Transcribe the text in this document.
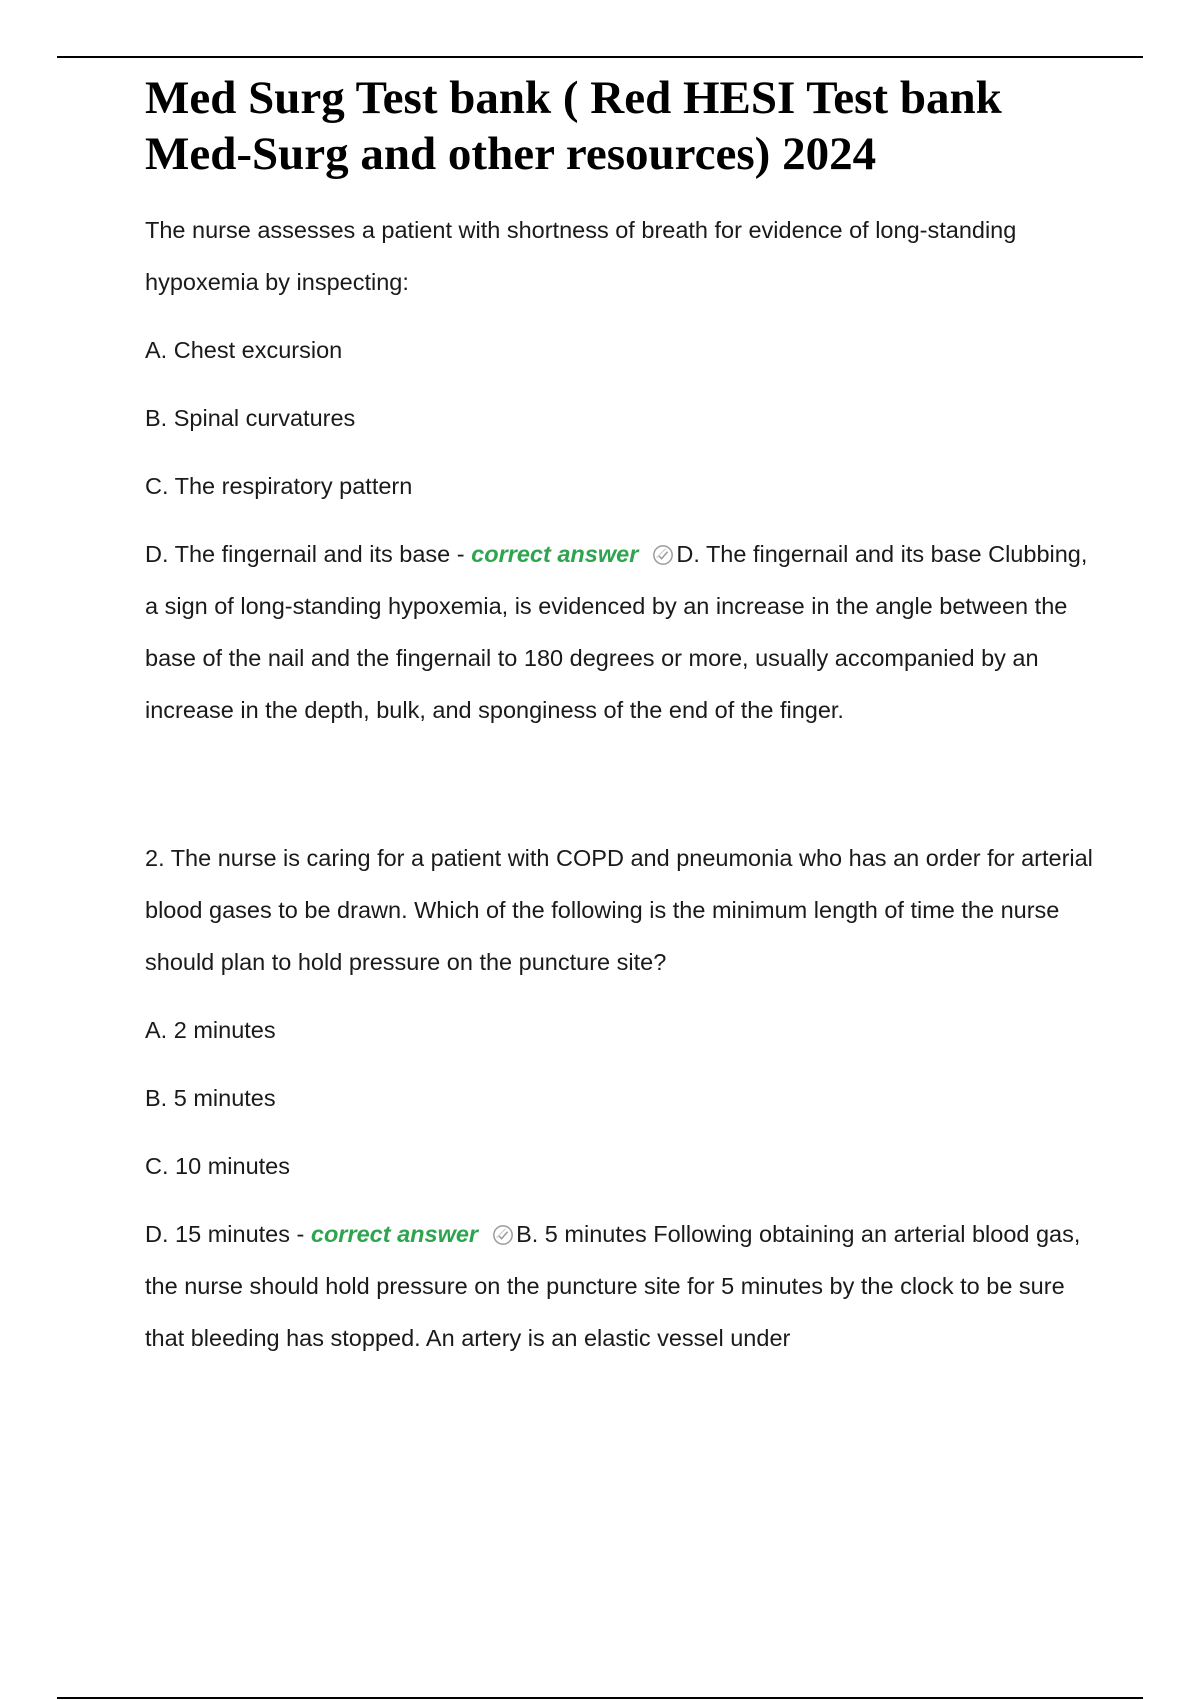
Med Surg Test bank ( Red HESI Test bank Med-Surg and other resources) 2024
The nurse assesses a patient with shortness of breath for evidence of long-standing hypoxemia by inspecting:
A. Chest excursion
B. Spinal curvatures
C. The respiratory pattern
D. The fingernail and its base - correct answer D. The fingernail and its base Clubbing, a sign of long-standing hypoxemia, is evidenced by an increase in the angle between the base of the nail and the fingernail to 180 degrees or more, usually accompanied by an increase in the depth, bulk, and sponginess of the end of the finger.
2. The nurse is caring for a patient with COPD and pneumonia who has an order for arterial blood gases to be drawn. Which of the following is the minimum length of time the nurse should plan to hold pressure on the puncture site?
A. 2 minutes
B. 5 minutes
C. 10 minutes
D. 15 minutes - correct answer B. 5 minutes Following obtaining an arterial blood gas, the nurse should hold pressure on the puncture site for 5 minutes by the clock to be sure that bleeding has stopped. An artery is an elastic vessel under
